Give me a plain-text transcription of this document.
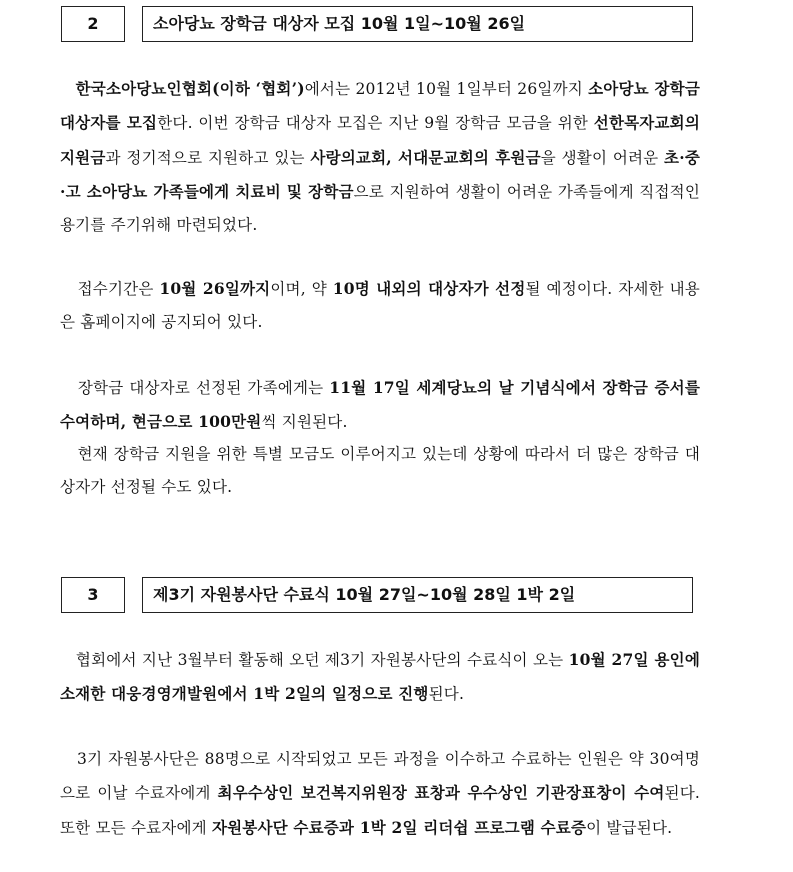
2	소아당뇨 장학금 대상자 모집 10월 1일~10월 26일

한국소아당뇨인협회(이하 ‘협회’)에서는 2012년 10월 1일부터 26일까지 소아당뇨 장학금 대상자를 모집한다. 이번 장학금 대상자 모집은 지난 9월 장학금 모금을 위한 선한목자교회의 지원금과 정기적으로 지원하고 있는 사랑의교회, 서대문교회의 후원금을 생활이 어려운 초·중·고 소아당뇨 가족들에게 치료비 및 장학금으로 지원하여 생활이 어려운 가족들에게 직접적인 용기를 주기위해 마련되었다.

접수기간은 10월 26일까지이며, 약 10명 내외의 대상자가 선정될 예정이다. 자세한 내용은 홈페이지에 공지되어 있다.

장학금 대상자로 선정된 가족에게는 11월 17일 세계당뇨의 날 기념식에서 장학금 증서를 수여하며, 현금으로 100만원씩 지원된다.

현재 장학금 지원을 위한 특별 모금도 이루어지고 있는데 상황에 따라서 더 많은 장학금 대상자가 선정될 수도 있다.

3	제3기 자원봉사단 수료식 10월 27일~10월 28일 1박 2일

협회에서 지난 3월부터 활동해 오던 제3기 자원봉사단의 수료식이 오는 10월 27일 용인에 소재한 대웅경영개발원에서 1박 2일의 일정으로 진행된다.

3기 자원봉사단은 88명으로 시작되었고 모든 과정을 이수하고 수료하는 인원은 약 30여명으로 이날 수료자에게 최우수상인 보건복지위원장 표창과 우수상인 기관장표창이 수여된다. 또한 모든 수료자에게 자원봉사단 수료증과 1박 2일 리더쉽 프로그램 수료증이 발급된다.
